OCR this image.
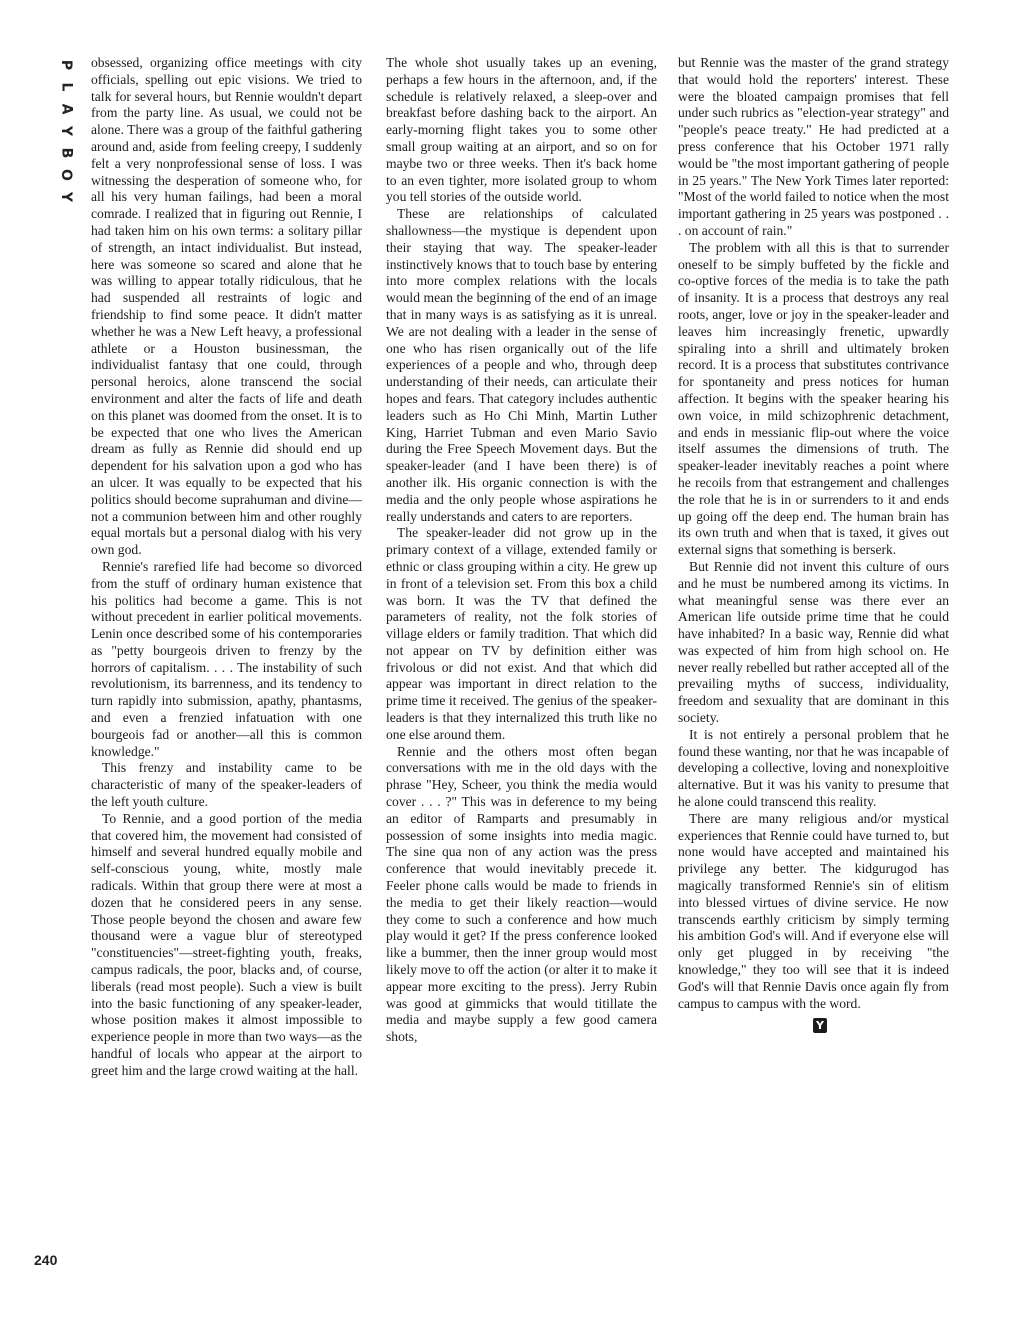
P
L
A
Y
B
O
Y

obsessed, organizing office meetings with city officials, spelling out epic visions. We tried to talk for several hours, but Rennie wouldn't depart from the party line. As usual, we could not be alone. There was a group of the faithful gathering around and, aside from feeling creepy, I suddenly felt a very nonprofessional sense of loss. I was witnessing the desperation of someone who, for all his very human failings, had been a moral comrade. I realized that in figuring out Rennie, I had taken him on his own terms: a solitary pillar of strength, an intact individualist. But instead, here was someone so scared and alone that he was willing to appear totally ridiculous, that he had suspended all restraints of logic and friendship to find some peace. It didn't matter whether he was a New Left heavy, a professional athlete or a Houston businessman, the individualist fantasy that one could, through personal heroics, alone transcend the social environment and alter the facts of life and death on this planet was doomed from the onset. It is to be expected that one who lives the American dream as fully as Rennie did should end up dependent for his salvation upon a god who has an ulcer. It was equally to be expected that his politics should become suprahuman and divine—not a communion between him and other roughly equal mortals but a personal dialog with his very own god.

Rennie's rarefied life had become so divorced from the stuff of ordinary human existence that his politics had become a game. This is not without precedent in earlier political movements. Lenin once described some of his contemporaries as "petty bourgeois driven to frenzy by the horrors of capitalism. . . . The instability of such revolutionism, its barrenness, and its tendency to turn rapidly into submission, apathy, phantasms, and even a frenzied infatuation with one bourgeois fad or another—all this is common knowledge."

This frenzy and instability came to be characteristic of many of the speaker-leaders of the left youth culture.

To Rennie, and a good portion of the media that covered him, the movement had consisted of himself and several hundred equally mobile and self-conscious young, white, mostly male radicals. Within that group there were at most a dozen that he considered peers in any sense. Those people beyond the chosen and aware few thousand were a vague blur of stereotyped "constituencies"—street-fighting youth, freaks, campus radicals, the poor, blacks and, of course, liberals (read most people). Such a view is built into the basic functioning of any speaker-leader, whose position makes it almost impossible to experience people in more than two ways—as the handful of locals who appear at the airport to greet him and the large crowd waiting at the hall.

The whole shot usually takes up an evening, perhaps a few hours in the afternoon, and, if the schedule is relatively relaxed, a sleep-over and breakfast before dashing back to the airport. An early-morning flight takes you to some other small group waiting at an airport, and so on for maybe two or three weeks. Then it's back home to an even tighter, more isolated group to whom you tell stories of the outside world.

These are relationships of calculated shallowness—the mystique is dependent upon their staying that way. The speaker-leader instinctively knows that to touch base by entering into more complex relations with the locals would mean the beginning of the end of an image that in many ways is as satisfying as it is unreal. We are not dealing with a leader in the sense of one who has risen organically out of the life experiences of a people and who, through deep understanding of their needs, can articulate their hopes and fears. That category includes authentic leaders such as Ho Chi Minh, Martin Luther King, Harriet Tubman and even Mario Savio during the Free Speech Movement days. But the speaker-leader (and I have been there) is of another ilk. His organic connection is with the media and the only people whose aspirations he really understands and caters to are reporters.

The speaker-leader did not grow up in the primary context of a village, extended family or ethnic or class grouping within a city. He grew up in front of a television set. From this box a child was born. It was the TV that defined the parameters of reality, not the folk stories of village elders or family tradition. That which did not appear on TV by definition either was frivolous or did not exist. And that which did appear was important in direct relation to the prime time it received. The genius of the speaker-leaders is that they internalized this truth like no one else around them.

Rennie and the others most often began conversations with me in the old days with the phrase "Hey, Scheer, you think the media would cover . . . ?" This was in deference to my being an editor of Ramparts and presumably in possession of some insights into media magic. The sine qua non of any action was the press conference that would inevitably precede it. Feeler phone calls would be made to friends in the media to get their likely reaction—would they come to such a conference and how much play would it get? If the press conference looked like a bummer, then the inner group would most likely move to off the action (or alter it to make it appear more exciting to the press). Jerry Rubin was good at gimmicks that would titillate the media and maybe supply a few good camera shots,

but Rennie was the master of the grand strategy that would hold the reporters' interest. These were the bloated campaign promises that fell under such rubrics as "election-year strategy" and "people's peace treaty." He had predicted at a press conference that his October 1971 rally would be "the most important gathering of people in 25 years." The New York Times later reported: "Most of the world failed to notice when the most important gathering in 25 years was postponed . . . on account of rain."

The problem with all this is that to surrender oneself to be simply buffeted by the fickle and co-optive forces of the media is to take the path of insanity. It is a process that destroys any real roots, anger, love or joy in the speaker-leader and leaves him increasingly frenetic, upwardly spiraling into a shrill and ultimately broken record. It is a process that substitutes contrivance for spontaneity and press notices for human affection. It begins with the speaker hearing his own voice, in mild schizophrenic detachment, and ends in messianic flip-out where the voice itself assumes the dimensions of truth. The speaker-leader inevitably reaches a point where he recoils from that estrangement and challenges the role that he is in or surrenders to it and ends up going off the deep end. The human brain has its own truth and when that is taxed, it gives out external signs that something is berserk.

But Rennie did not invent this culture of ours and he must be numbered among its victims. In what meaningful sense was there ever an American life outside prime time that he could have inhabited? In a basic way, Rennie did what was expected of him from high school on. He never really rebelled but rather accepted all of the prevailing myths of success, individuality, freedom and sexuality that are dominant in this society.

It is not entirely a personal problem that he found these wanting, nor that he was incapable of developing a collective, loving and nonexploitive alternative. But it was his vanity to presume that he alone could transcend this reality.

There are many religious and/or mystical experiences that Rennie could have turned to, but none would have accepted and maintained his privilege any better. The kidgurugod has magically transformed Rennie's sin of elitism into blessed virtues of divine service. He now transcends earthly criticism by simply terming his ambition God's will. And if everyone else will only get plugged in by receiving "the knowledge," they too will see that it is indeed God's will that Rennie Davis once again fly from campus to campus with the word.

Y
240
